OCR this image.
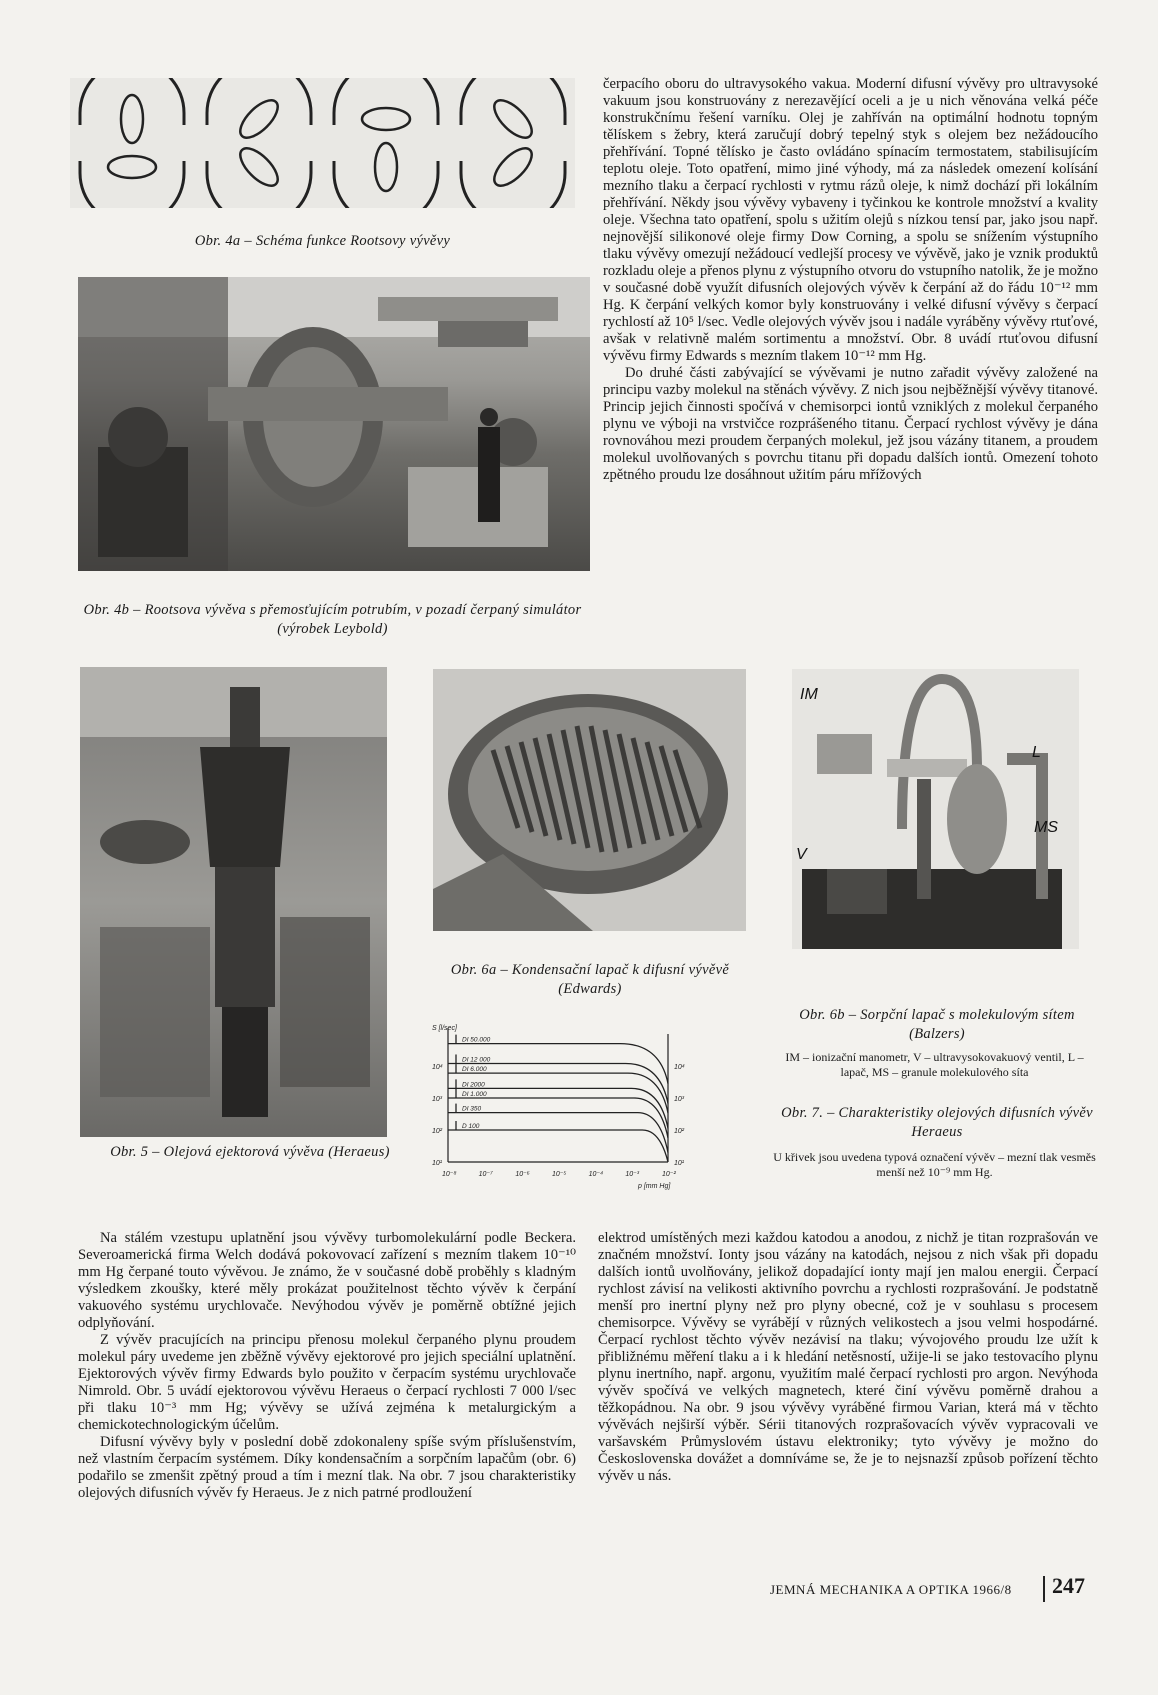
Obr. 4a – Schéma funkce Rootsovy vývěvy
Obr. 4b – Rootsova vývěva s přemosťujícím potrubím, v pozadí čerpaný simulátor (výrobek Leybold)

čerpacího oboru do ultravysokého vakua. Moderní difusní vývěvy pro ultravysoké vakuum jsou konstruovány z nerezavějící oceli a je u nich věnována velká péče konstrukčnímu řešení varníku. Olej je zahříván na optimální hodnotu topným tělískem s žebry, která zaručují dobrý tepelný styk s olejem bez nežádoucího přehřívání. Topné tělísko je často ovládáno spínacím termostatem, stabilisujícím teplotu oleje. Toto opatření, mimo jiné výhody, má za následek omezení kolísání mezního tlaku a čerpací rychlosti v rytmu rázů oleje, k nimž dochází při lokálním přehřívání. Někdy jsou vývěvy vybaveny i tyčinkou ke kontrole množství a kvality oleje. Všechna tato opatření, spolu s užitím olejů s nízkou tensí par, jako jsou např. nejnovější silikonové oleje firmy Dow Corning, a spolu se snížením výstupního tlaku vývěvy omezují nežádoucí vedlejší procesy ve vývěvě, jako je vznik produktů rozkladu oleje a přenos plynu z výstupního otvoru do vstupního natolik, že je možno v současné době využít difusních olejových vývěv k čerpání až do řádu 10⁻¹² mm Hg. K čerpání velkých komor byly konstruovány i velké difusní vývěvy s čerpací rychlostí až 10⁵ l/sec. Vedle olejových vývěv jsou i nadále vyráběny vývěvy rtuťové, avšak v relativně malém sortimentu a množství. Obr. 8 uvádí rtuťovou difusní vývěvu firmy Edwards s mezním tlakem 10⁻¹² mm Hg.

Do druhé části zabývající se vývěvami je nutno zařadit vývěvy založené na principu vazby molekul na stěnách vývěvy. Z nich jsou nejběžnější vývěvy titanové. Princip jejich činnosti spočívá v chemisorpci iontů vzniklých z molekul čerpaného plynu ve výboji na vrstvičce rozprášeného titanu. Čerpací rychlost vývěvy je dána rovnováhou mezi proudem čerpaných molekul, jež jsou vázány titanem, a proudem molekul uvolňovaných s povrchu titanu při dopadu dalších iontů. Omezení tohoto zpětného proudu lze dosáhnout užitím páru mřížových

Obr. 5 – Olejová ejektorová vývěva (Heraeus)
Obr. 6a – Kondensační lapač k difusní vývěvě (Edwards)
IM
L
MS
V
Obr. 6b – Sorpční lapač s molekulovým sítem (Balzers)
IM – ionizační manometr, V – ultravysokovakuový ventil, L – lapač, MS – granule molekulového síta
10⁴
10³
10²
10¹
10⁴
10³
10²
10¹
10⁻⁸	10⁻⁷	10⁻⁶	10⁻⁵	10⁻⁴	10⁻³	10⁻²
S [l/sec]
p [mm Hg]
DI 50.000
DI 12 000
DI 6.000
DI 2000
DI 1.000
DI 350
D 100
Obr. 7. – Charakteristiky olejových difusních vývěv Heraeus
U křivek jsou uvedena typová označení vývěv – mezní tlak vesměs menší než 10⁻⁹ mm Hg.

Na stálém vzestupu uplatnění jsou vývěvy turbomolekulární podle Beckera. Severoamerická firma Welch dodává pokovovací zařízení s mezním tlakem 10⁻¹⁰ mm Hg čerpané touto vývěvou. Je známo, že v současné době proběhly s kladným výsledkem zkoušky, které měly prokázat použitelnost těchto vývěv k čerpání vakuového systému urychlovače. Nevýhodou vývěv je poměrně obtížné jejich odplyňování.

Z vývěv pracujících na principu přenosu molekul čerpaného plynu proudem molekul páry uvedeme jen zběžně vývěvy ejektorové pro jejich speciální uplatnění. Ejektorových vývěv firmy Edwards bylo použito v čerpacím systému urychlovače Nimrold. Obr. 5 uvádí ejektorovou vývěvu Heraeus o čerpací rychlosti 7 000 l/sec při tlaku 10⁻³ mm Hg; vývěvy se užívá zejména k metalurgickým a chemickotechnologickým účelům.

Difusní vývěvy byly v poslední době zdokonaleny spíše svým příslušenstvím, než vlastním čerpacím systémem. Díky kondensačním a sorpčním lapačům (obr. 6) podařilo se zmenšit zpětný proud a tím i mezní tlak. Na obr. 7 jsou charakteristiky olejových difusních vývěv fy Heraeus. Je z nich patrné prodloužení

elektrod umístěných mezi každou katodou a anodou, z nichž je titan rozprašován ve značném množství. Ionty jsou vázány na katodách, nejsou z nich však při dopadu dalších iontů uvolňovány, jelikož dopadající ionty mají jen malou energii. Čerpací rychlost závisí na velikosti aktivního povrchu a rychlosti rozprašování. Je podstatně menší pro inertní plyny než pro plyny obecné, což je v souhlasu s procesem chemisorpce. Vývěvy se vyrábějí v různých velikostech a jsou velmi hospodárné. Čerpací rychlost těchto vývěv nezávisí na tlaku; vývojového proudu lze užít k přibližnému měření tlaku a i k hledání netěsností, užije-li se jako testovacího plynu plynu inertního, např. argonu, využitím malé čerpací rychlosti pro argon. Nevýhoda vývěv spočívá ve velkých magnetech, které činí vývěvu poměrně drahou a těžkopádnou. Na obr. 9 jsou vývěvy vyráběné firmou Varian, která má v těchto vývěvách nejširší výběr. Sérii titanových rozprašovacích vývěv vypracovali ve varšavském Průmyslovém ústavu elektroniky; tyto vývěvy je možno do Československa dovážet a domníváme se, že je to nejsnazší způsob pořízení těchto vývěv u nás.

JEMNÁ MECHANIKA A OPTIKA 1966/8 247
